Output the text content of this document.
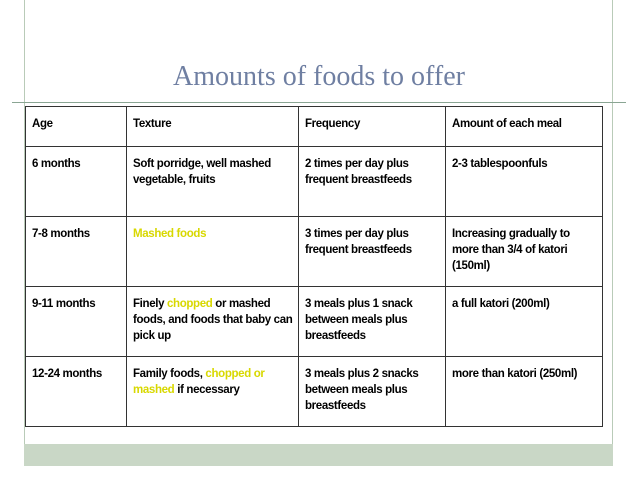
Amounts of foods to offer
Age	Texture	Frequency	Amount of each meal
6 months	Soft porridge, well mashed vegetable, fruits	2 times per day plus frequent breastfeeds	2-3 tablespoonfuls
7-8 months	Mashed foods	3 times per day plus frequent breastfeeds	Increasing gradually to more than 3/4 of katori (150ml)
9-11 months	Finely chopped or mashed foods, and foods that baby can pick up	3 meals plus 1 snack between meals plus breastfeeds	a full katori (200ml)
12-24 months	Family foods, chopped or mashed if necessary	3 meals plus 2 snacks between meals plus breastfeeds	more than katori (250ml)
